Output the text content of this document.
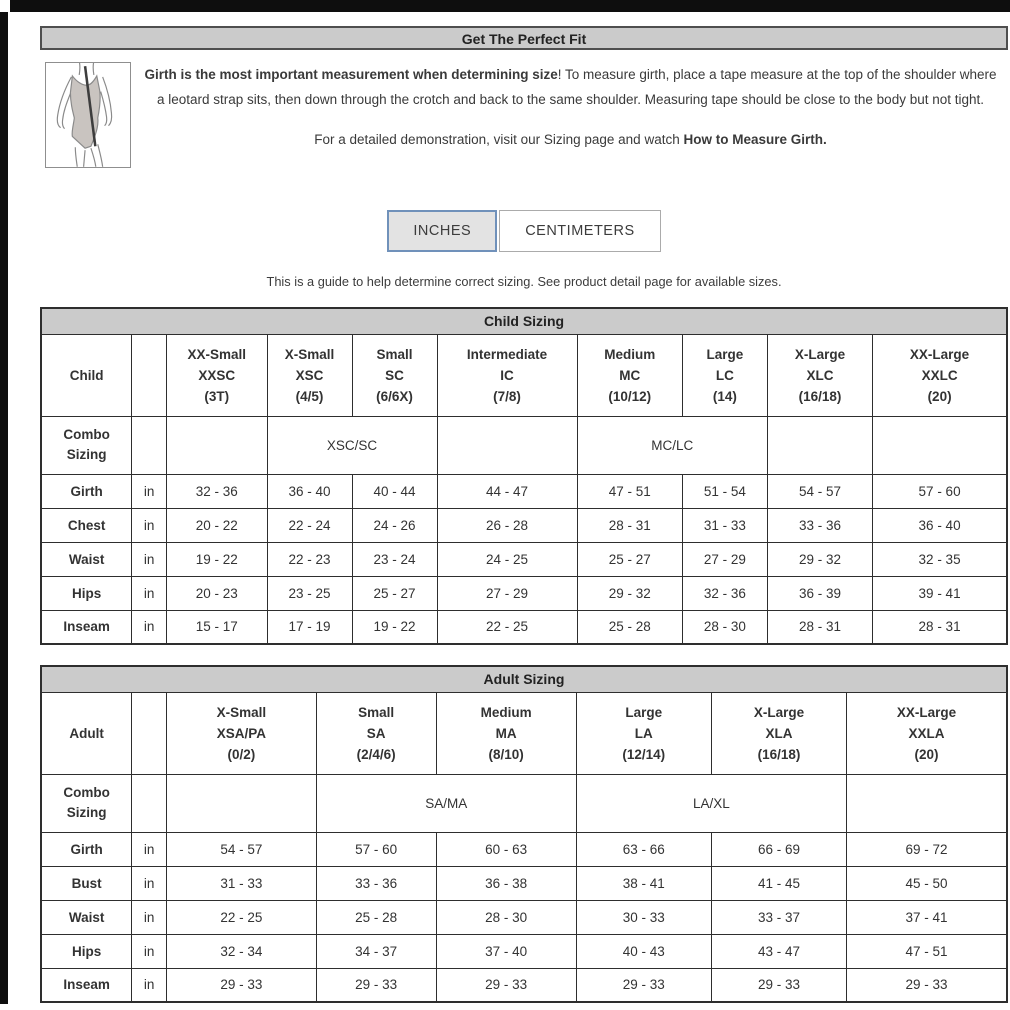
Get The Perfect Fit

Girth is the most important measurement when determining size! To measure girth, place a tape measure at the top of the shoulder where a leotard strap sits, then down through the crotch and back to the same shoulder. Measuring tape should be close to the body but not tight.

For a detailed demonstration, visit our Sizing page and watch How to Measure Girth.

INCHES	CENTIMETERS
This is a guide to help determine correct sizing. See product detail page for available sizes.
Child Sizing									
Child		XX-Small
XXSC
(3T)	X-Small
XSC
(4/5)	Small
SC
(6/6X)	Intermediate
IC
(7/8)	Medium
MC
(10/12)	Large
LC
(14)	X-Large
XLC
(16/18)	XX-Large
XXLC
(20)
Combo
Sizing			XSC/SC			MC/LC			
Girth	in	32 - 36	36 - 40	40 - 44	44 - 47	47 - 51	51 - 54	54 - 57	57 - 60
Chest	in	20 - 22	22 - 24	24 - 26	26 - 28	28 - 31	31 - 33	33 - 36	36 - 40
Waist	in	19 - 22	22 - 23	23 - 24	24 - 25	25 - 27	27 - 29	29 - 32	32 - 35
Hips	in	20 - 23	23 - 25	25 - 27	27 - 29	29 - 32	32 - 36	36 - 39	39 - 41
Inseam	in	15 - 17	17 - 19	19 - 22	22 - 25	25 - 28	28 - 30	28 - 31	28 - 31
Adult Sizing							
Adult		X-Small
XSA/PA
(0/2)	Small
SA
(2/4/6)	Medium
MA
(8/10)	Large
LA
(12/14)	X-Large
XLA
(16/18)	XX-Large
XXLA
(20)
Combo
Sizing			SA/MA		LA/XL		
Girth	in	54 - 57	57 - 60	60 - 63	63 - 66	66 - 69	69 - 72
Bust	in	31 - 33	33 - 36	36 - 38	38 - 41	41 - 45	45 - 50
Waist	in	22 - 25	25 - 28	28 - 30	30 - 33	33 - 37	37 - 41
Hips	in	32 - 34	34 - 37	37 - 40	40 - 43	43 - 47	47 - 51
Inseam	in	29 - 33	29 - 33	29 - 33	29 - 33	29 - 33	29 - 33
